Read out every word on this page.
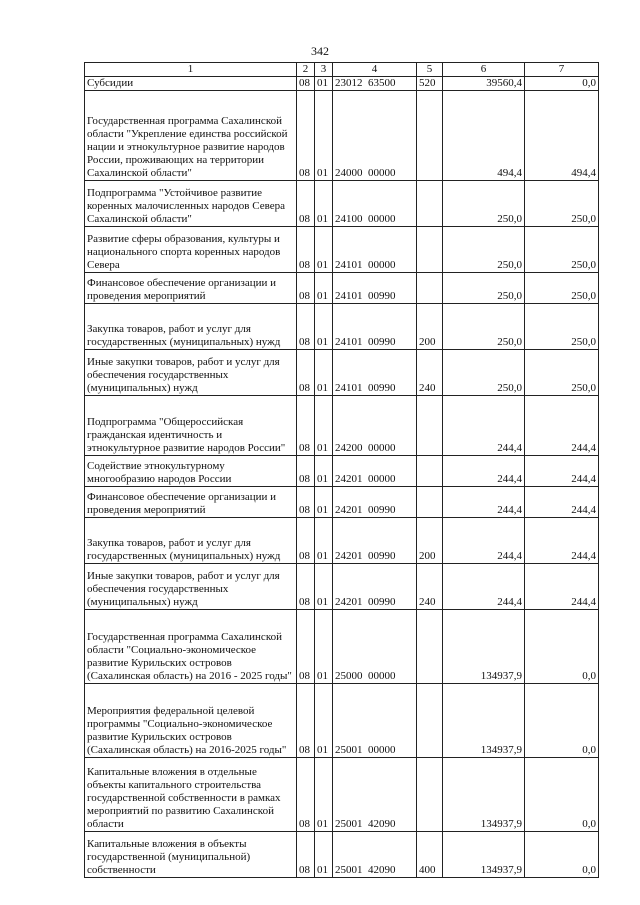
342
1	2	3	4	5	6	7

Субсидии	08	01	23012  63500	520	39560,4	0,0

Государственная программа Сахалинской области "Укрепление единства российской нации и этнокультурное развитие народов России, проживающих на территории Сахалинской области"	08	01	24000  00000		494,4	494,4

Подпрограмма "Устойчивое развитие коренных малочисленных народов Севера Сахалинской области"	08	01	24100  00000		250,0	250,0

Развитие сферы образования, культуры и национального спорта коренных народов Севера	08	01	24101  00000		250,0	250,0

Финансовое обеспечение организации и проведения мероприятий	08	01	24101  00990		250,0	250,0

Закупка товаров, работ и услуг для государственных (муниципальных) нужд	08	01	24101  00990	200	250,0	250,0

Иные закупки товаров, работ и услуг для обеспечения государственных (муниципальных) нужд	08	01	24101  00990	240	250,0	250,0

Подпрограмма "Общероссийская гражданская идентичность и этнокультурное развитие народов России"	08	01	24200  00000		244,4	244,4

Содействие этнокультурному многообразию народов России	08	01	24201  00000		244,4	244,4

Финансовое обеспечение организации и проведения мероприятий	08	01	24201  00990		244,4	244,4

Закупка товаров, работ и услуг для государственных (муниципальных) нужд	08	01	24201  00990	200	244,4	244,4

Иные закупки товаров, работ и услуг для обеспечения государственных (муниципальных) нужд	08	01	24201  00990	240	244,4	244,4

Государственная программа Сахалинской области "Социально-экономическое развитие Курильских островов (Сахалинская область) на 2016 - 2025 годы"	08	01	25000  00000		134937,9	0,0

Мероприятия федеральной целевой программы "Социально-экономическое развитие Курильских островов (Сахалинская область) на 2016-2025 годы"	08	01	25001  00000		134937,9	0,0

Капитальные вложения в отдельные объекты капитального строительства государственной собственности в рамках мероприятий по развитию Сахалинской области	08	01	25001  42090		134937,9	0,0

Капитальные вложения в объекты государственной (муниципальной) собственности	08	01	25001  42090	400	134937,9	0,0
